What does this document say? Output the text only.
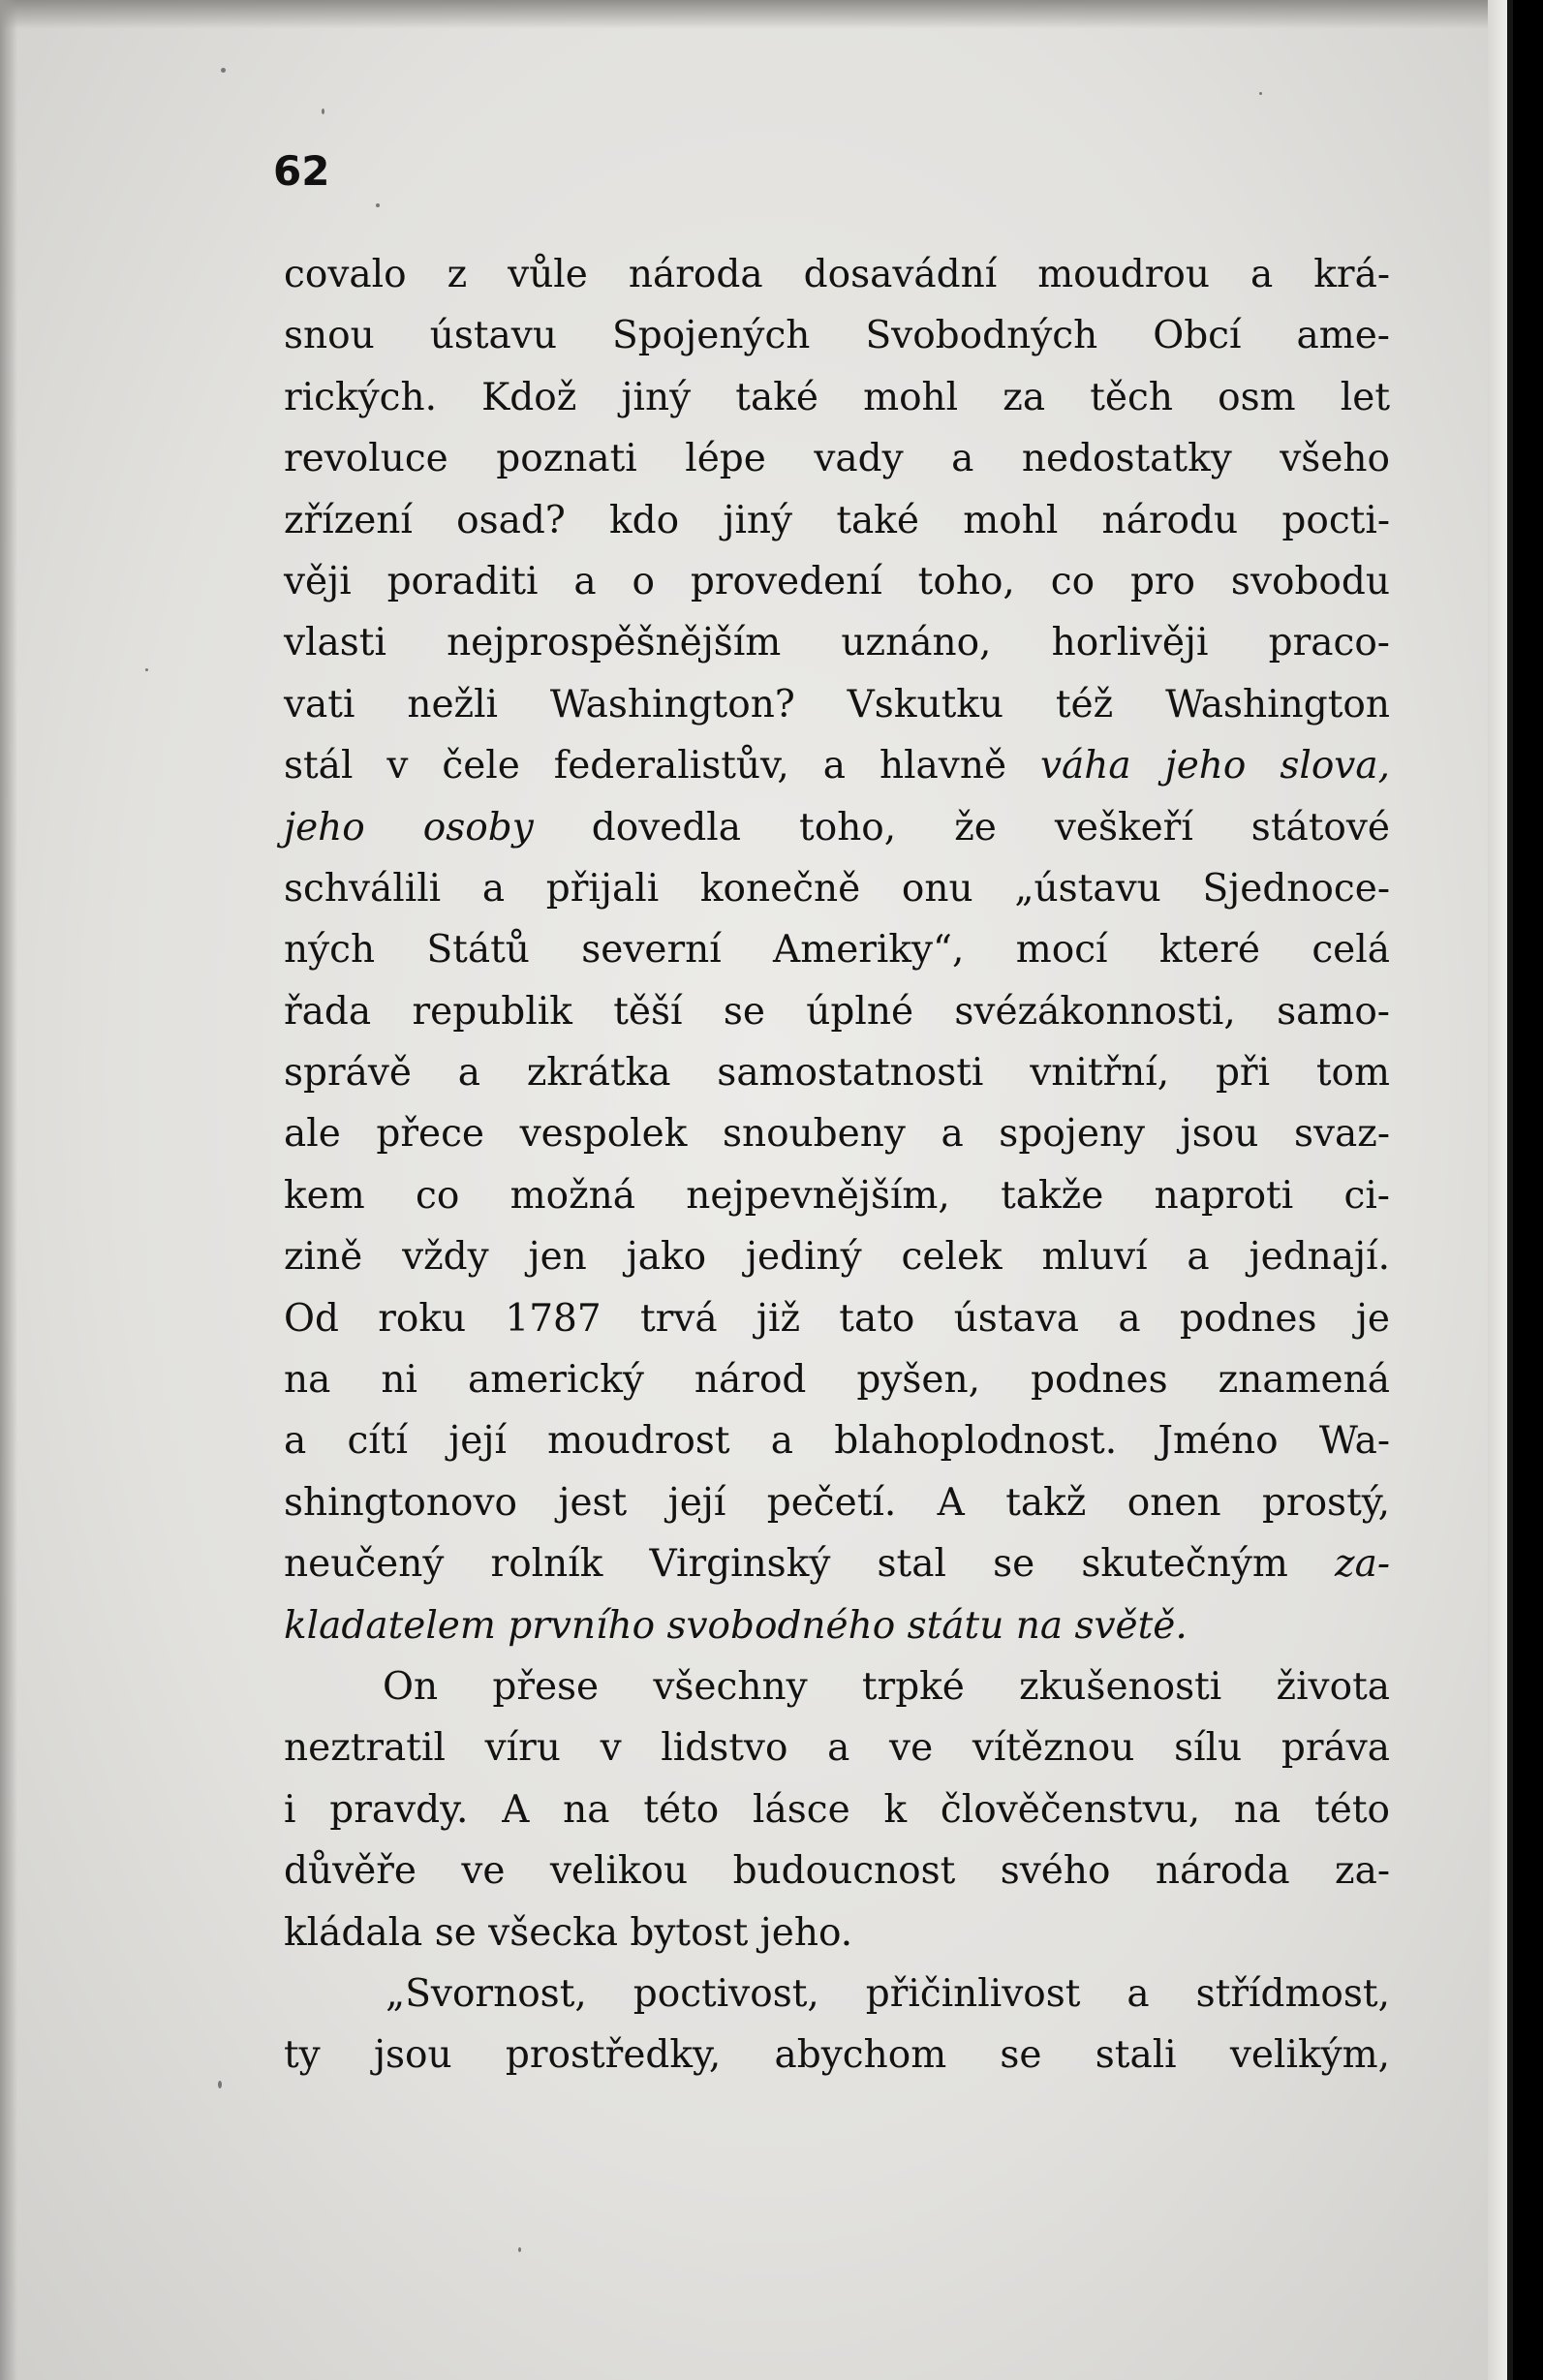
62
covalo z vůle národa dosavádní moudrou a krá-
snou ústavu Spojených Svobodných Obcí ame-
rických. Kdož jiný také mohl za těch osm let
revoluce poznati lépe vady a nedostatky všeho
zřízení osad? kdo jiný také mohl národu pocti-
věji poraditi a o provedení toho, co pro svobodu
vlasti nejprospěšnějším uznáno, horlivěji praco-
vati nežli Washington? Vskutku též Washington
stál v čele federalistův, a hlavně váha jeho slova,
jeho osoby dovedla toho, že veškeří státové
schválili a přijali konečně onu „ústavu Sjednoce-
ných Států severní Ameriky“, mocí které celá
řada republik těší se úplné svézákonnosti, samo-
správě a zkrátka samostatnosti vnitřní, při tom
ale přece vespolek snoubeny a spojeny jsou svaz-
kem co možná nejpevnějším, takže naproti ci-
zině vždy jen jako jediný celek mluví a jednají.
Od roku 1787 trvá již tato ústava a podnes je
na ni americký národ pyšen, podnes znamená
a cítí její moudrost a blahoplodnost. Jméno Wa-
shingtonovo jest její pečetí. A takž onen prostý,
neučený rolník Virginský stal se skutečným za-
kladatelem prvního svobodného státu na světě.
On přese všechny trpké zkušenosti života
neztratil víru v lidstvo a ve vítěznou sílu práva
i pravdy. A na této lásce k člověčenstvu, na této
důvěře ve velikou budoucnost svého národa za-
kládala se všecka bytost jeho.
„Svornost, poctivost, přičinlivost a střídmost,
ty jsou prostředky, abychom se stali velikým,
